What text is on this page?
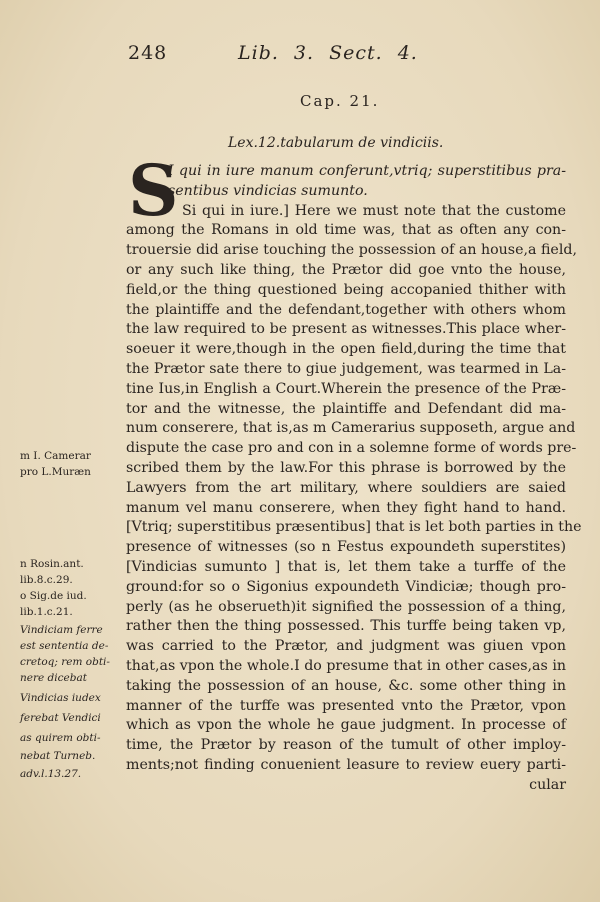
248	Lib. 3. Sect. 4.
Cap. 21.
Lex.12.tabularum de vindiciis.
S
I qui in iure manum conferunt,vtriq; superstitibus pra-
sentibus vindicias sumunto.
Si qui in iure.] Here we must note that the custome
among the Romans in old time was, that as often any con-
trouersie did arise touching the possession of an house,a field,
or any such like thing, the Prætor did goe vnto the house,
field,or the thing questioned being accopanied thither with
the plaintiffe and the defendant,together with others whom
the law required to be present as witnesses.This place wher-
soeuer it were,though in the open field,during the time that
the Prætor sate there to giue judgement, was tearmed in La-
tine Ius,in English a Court.Wherein the presence of the Præ-
tor and the witnesse, the plaintiffe and Defendant did ma-
num conserere, that is,as m Camerarius supposeth, argue and
dispute the case pro and con in a solemne forme of words pre-
scribed them by the law.For this phrase is borrowed by the
Lawyers from the art military, where souldiers are saied
manum vel manu conserere, when they fight hand to hand.
[Vtriq; superstitibus præsentibus] that is let both parties in the
presence of witnesses (so n Festus expoundeth superstites)
[Vindicias sumunto ] that is, let them take a turffe of the
ground:for so o Sigonius expoundeth Vindiciæ; though pro-
perly (as he obserueth)it signified the possession of a thing,
rather then the thing possessed. This turffe being taken vp,
was carried to the Prætor, and judgment was giuen vpon
that,as vpon the whole.I do presume that in other cases,as in
taking the possession of an house, &c. some other thing in
manner of the turffe was presented vnto the Prætor, vpon
which as vpon the whole he gaue judgment. In processe of
time, the Prætor by reason of the tumult of other imploy-
ments;not finding conuenient leasure to review euery parti-
cular
m I. Camerar
pro L.Muræn
n Rosin.ant.
lib.8.c.29.
o Sig.de iud.
lib.1.c.21.
Vindiciam ferre
est sententia de-
cretoq; rem obti-
nere dicebat
Vindicias iudex
ferebat Vendici
as quirem obti-
nebat Turneb.
adv.l.13.27.
